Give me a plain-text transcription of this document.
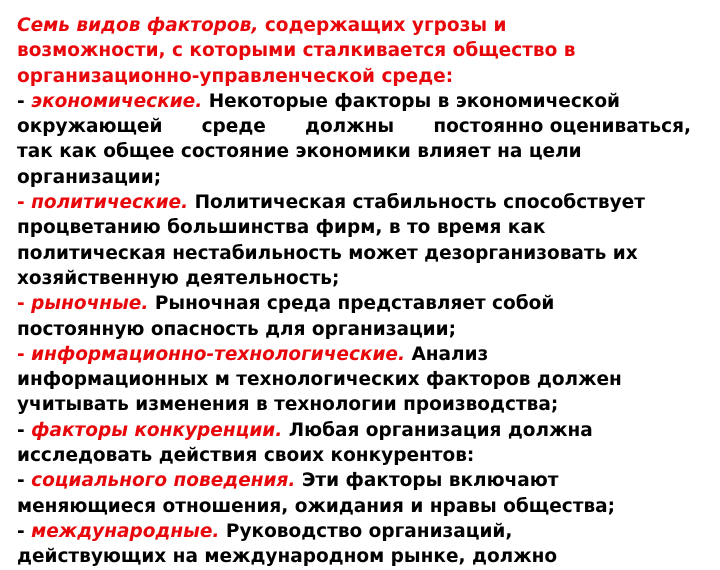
Семь видов факторов, содержащих угрозы и
возможности, с которыми сталкивается общество в
организационно-управленческой среде:
- экономические. Некоторые факторы в экономической
окружающей среде должны постоянно оцениваться,
так как общее состояние экономики влияет на цели
организации;
- политические. Политическая стабильность способствует
процветанию большинства фирм, в то время как
политическая нестабильность может дезорганизовать их
хозяйственную деятельность;
- рыночные. Рыночная среда представляет собой
постоянную опасность для организации;
- информационно-технологические. Анализ
информационных м технологических факторов должен
учитывать изменения в технологии производства;
- факторы конкуренции. Любая организация должна
исследовать действия своих конкурентов:
- социального поведения. Эти факторы включают
меняющиеся отношения, ожидания и нравы общества;
- международные. Руководство организаций,
действующих на международном рынке, должно
